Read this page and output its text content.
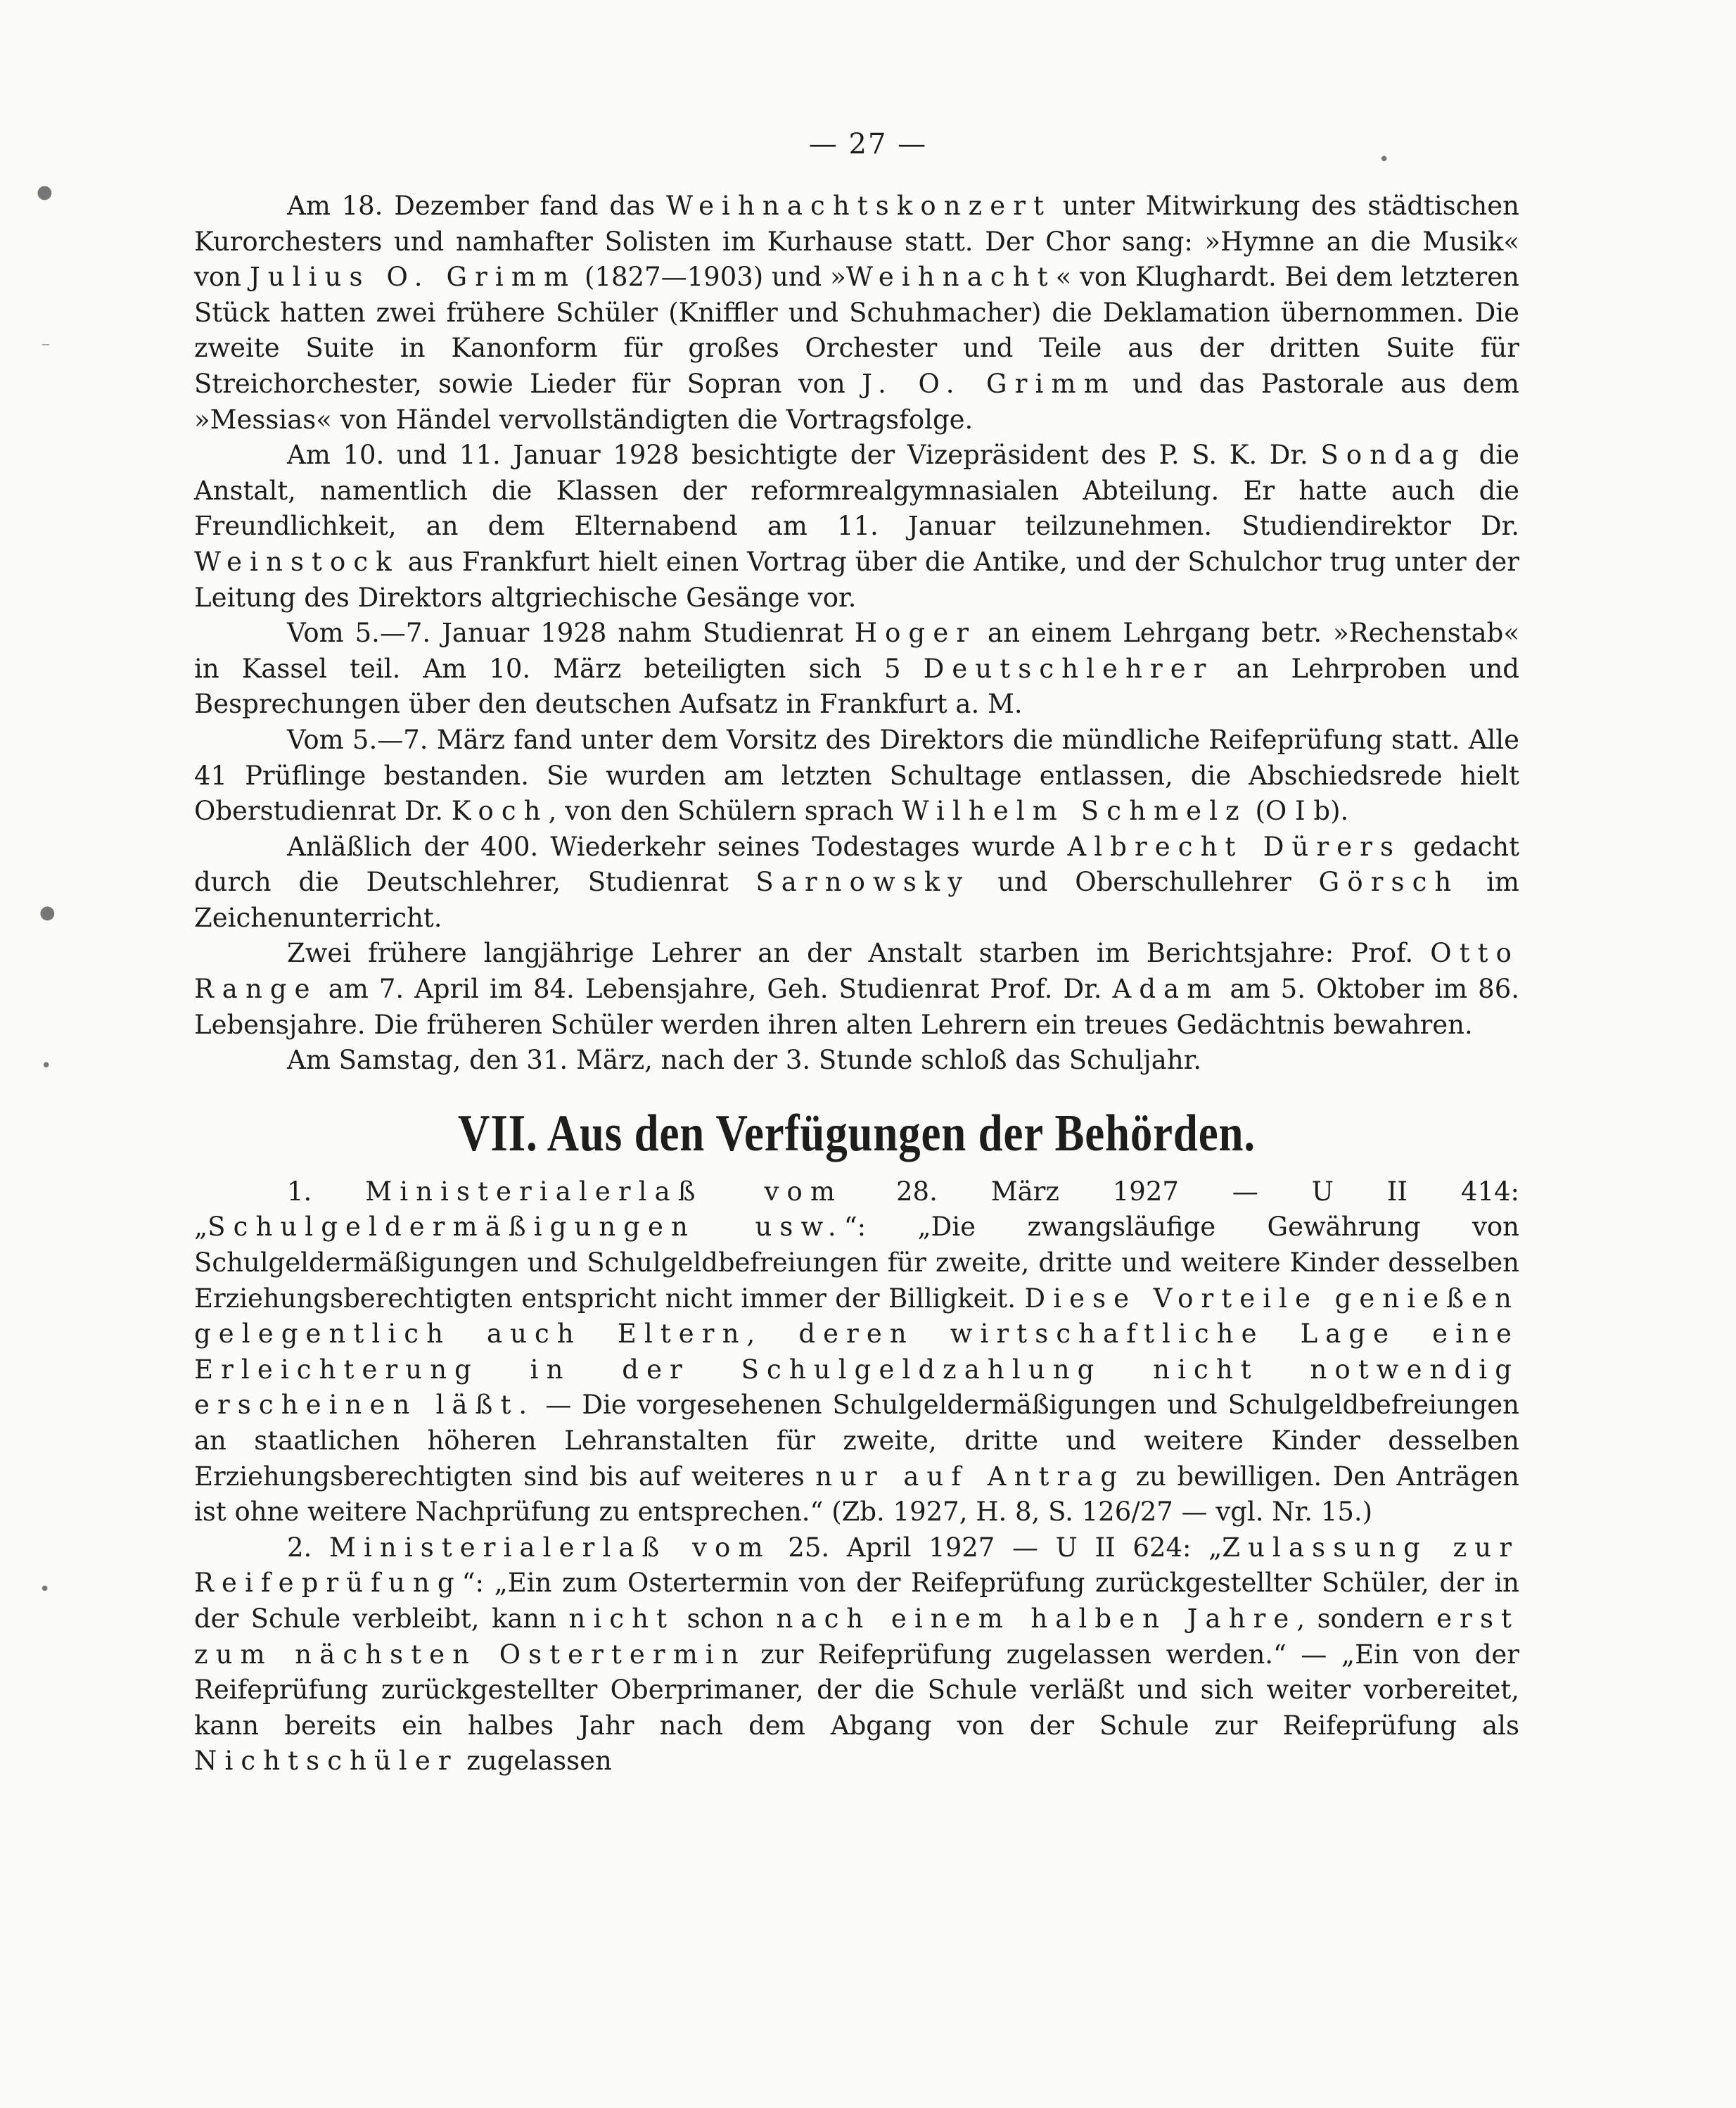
— 27 —
●
⁻
●
•
•
•

Am 18. Dezember fand das Weihnachtskonzert unter Mitwirkung des städtischen Kurorchesters und namhafter Solisten im Kurhause statt. Der Chor sang: »Hymne an die Musik« von Julius O. Grimm (1827—1903) und »Weihnacht« von Klughardt. Bei dem letzteren Stück hatten zwei frühere Schüler (Kniffler und Schuhmacher) die Deklamation übernommen. Die zweite Suite in Kanonform für großes Orchester und Teile aus der dritten Suite für Streichorchester, sowie Lieder für Sopran von J. O. Grimm und das Pastorale aus dem »Messias« von Händel vervollständigten die Vortragsfolge.

Am 10. und 11. Januar 1928 besichtigte der Vizepräsident des P. S. K. Dr. Sondag die Anstalt, namentlich die Klassen der reformrealgymnasialen Abteilung. Er hatte auch die Freundlichkeit, an dem Elternabend am 11. Januar teilzunehmen. Studiendirektor Dr. Weinstock aus Frankfurt hielt einen Vortrag über die Antike, und der Schulchor trug unter der Leitung des Direktors altgriechische Gesänge vor.

Vom 5.—7. Januar 1928 nahm Studienrat Hoger an einem Lehrgang betr. »Rechenstab« in Kassel teil. Am 10. März beteiligten sich 5 Deutschlehrer an Lehrproben und Besprechungen über den deutschen Aufsatz in Frankfurt a. M.

Vom 5.—7. März fand unter dem Vorsitz des Direktors die mündliche Reifeprüfung statt. Alle 41 Prüflinge bestanden. Sie wurden am letzten Schultage entlassen, die Abschiedsrede hielt Oberstudienrat Dr. Koch, von den Schülern sprach Wilhelm Schmelz (O I b).

Anläßlich der 400. Wiederkehr seines Todestages wurde Albrecht Dürers gedacht durch die Deutschlehrer, Studienrat Sarnowsky und Oberschullehrer Görsch im Zeichenunterricht.

Zwei frühere langjährige Lehrer an der Anstalt starben im Berichtsjahre: Prof. Otto Range am 7. April im 84. Lebensjahre, Geh. Studienrat Prof. Dr. Adam am 5. Oktober im 86. Lebensjahre. Die früheren Schüler werden ihren alten Lehrern ein treues Gedächtnis bewahren.

Am Samstag, den 31. März, nach der 3. Stunde schloß das Schuljahr.

VII. Aus den Verfügungen der Behörden.

1. Ministerialerlaß vom 28. März 1927 — U II 414: „Schulgeldermäßigungen usw.“: „Die zwangsläufige Gewährung von Schulgeldermäßigungen und Schulgeldbefreiungen für zweite, dritte und weitere Kinder desselben Erziehungsberechtigten entspricht nicht immer der Billigkeit. Diese Vorteile genießen gelegentlich auch Eltern, deren wirtschaftliche Lage eine Erleichterung in der Schulgeldzahlung nicht notwendig erscheinen läßt. — Die vorgesehenen Schulgeldermäßigungen und Schulgeldbefreiungen an staatlichen höheren Lehranstalten für zweite, dritte und weitere Kinder desselben Erziehungsberechtigten sind bis auf weiteres nur auf Antrag zu bewilligen. Den Anträgen ist ohne weitere Nachprüfung zu entsprechen.“ (Zb. 1927, H. 8, S. 126/27 — vgl. Nr. 15.)

2. Ministerialerlaß vom 25. April 1927 — U II 624: „Zulassung zur Reifeprüfung“: „Ein zum Ostertermin von der Reifeprüfung zurückgestellter Schüler, der in der Schule verbleibt, kann nicht schon nach einem halben Jahre, sondern erst zum nächsten Ostertermin zur Reifeprüfung zugelassen werden.“ — „Ein von der Reifeprüfung zurückgestellter Oberprimaner, der die Schule verläßt und sich weiter vorbereitet, kann bereits ein halbes Jahr nach dem Abgang von der Schule zur Reifeprüfung als Nichtschüler zugelassen
